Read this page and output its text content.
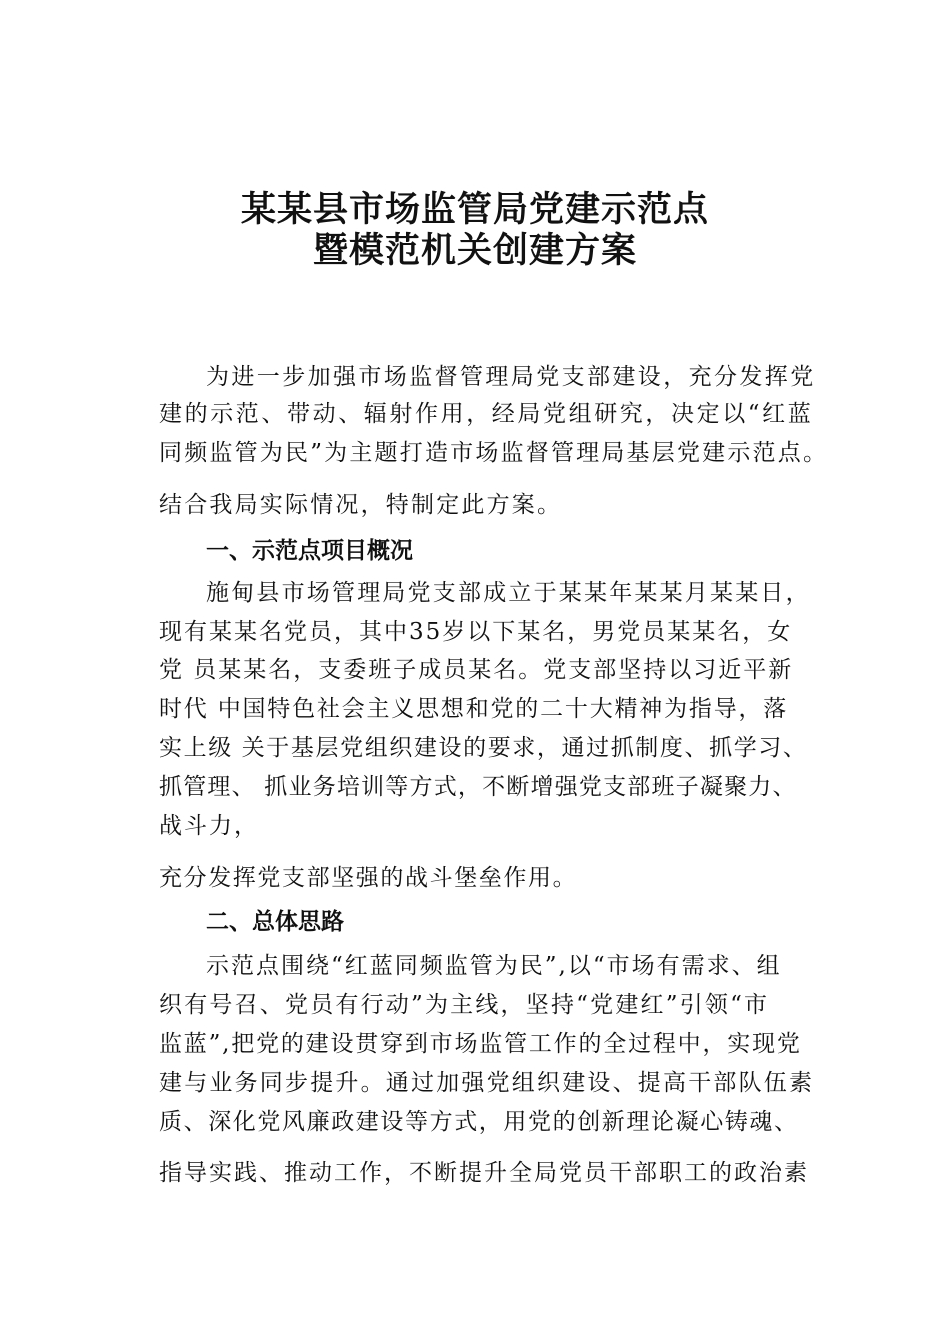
某某县市场监管局党建示范点
暨模范机关创建方案

为进一步加强市场监督管理局党支部建设，充分发挥党

建的示范、带动、辐射作用，经局党组研究，决定以“红蓝

同频监管为民”为主题打造市场监督管理局基层党建示范点。

结合我局实际情况，特制定此方案。

一、示范点项目概况

施甸县市场管理局党支部成立于某某年某某月某某日，

现有某某名党员，其中35岁以下某名，男党员某某名，女

党 员某某名，支委班子成员某名。党支部坚持以习近平新

时代 中国特色社会主义思想和党的二十大精神为指导，落

实上级 关于基层党组织建设的要求，通过抓制度、抓学习、

抓管理、 抓业务培训等方式，不断增强党支部班子凝聚力、

战斗力，

充分发挥党支部坚强的战斗堡垒作用。

二、总体思路

示范点围绕“红蓝同频监管为民”,以“市场有需求、组

织有号召、党员有行动”为主线，坚持“党建红”引领“市

监蓝”,把党的建设贯穿到市场监管工作的全过程中，实现党

建与业务同步提升。通过加强党组织建设、提高干部队伍素

质、深化党风廉政建设等方式，用党的创新理论凝心铸魂、

指导实践、推动工作，不断提升全局党员干部职工的政治素
